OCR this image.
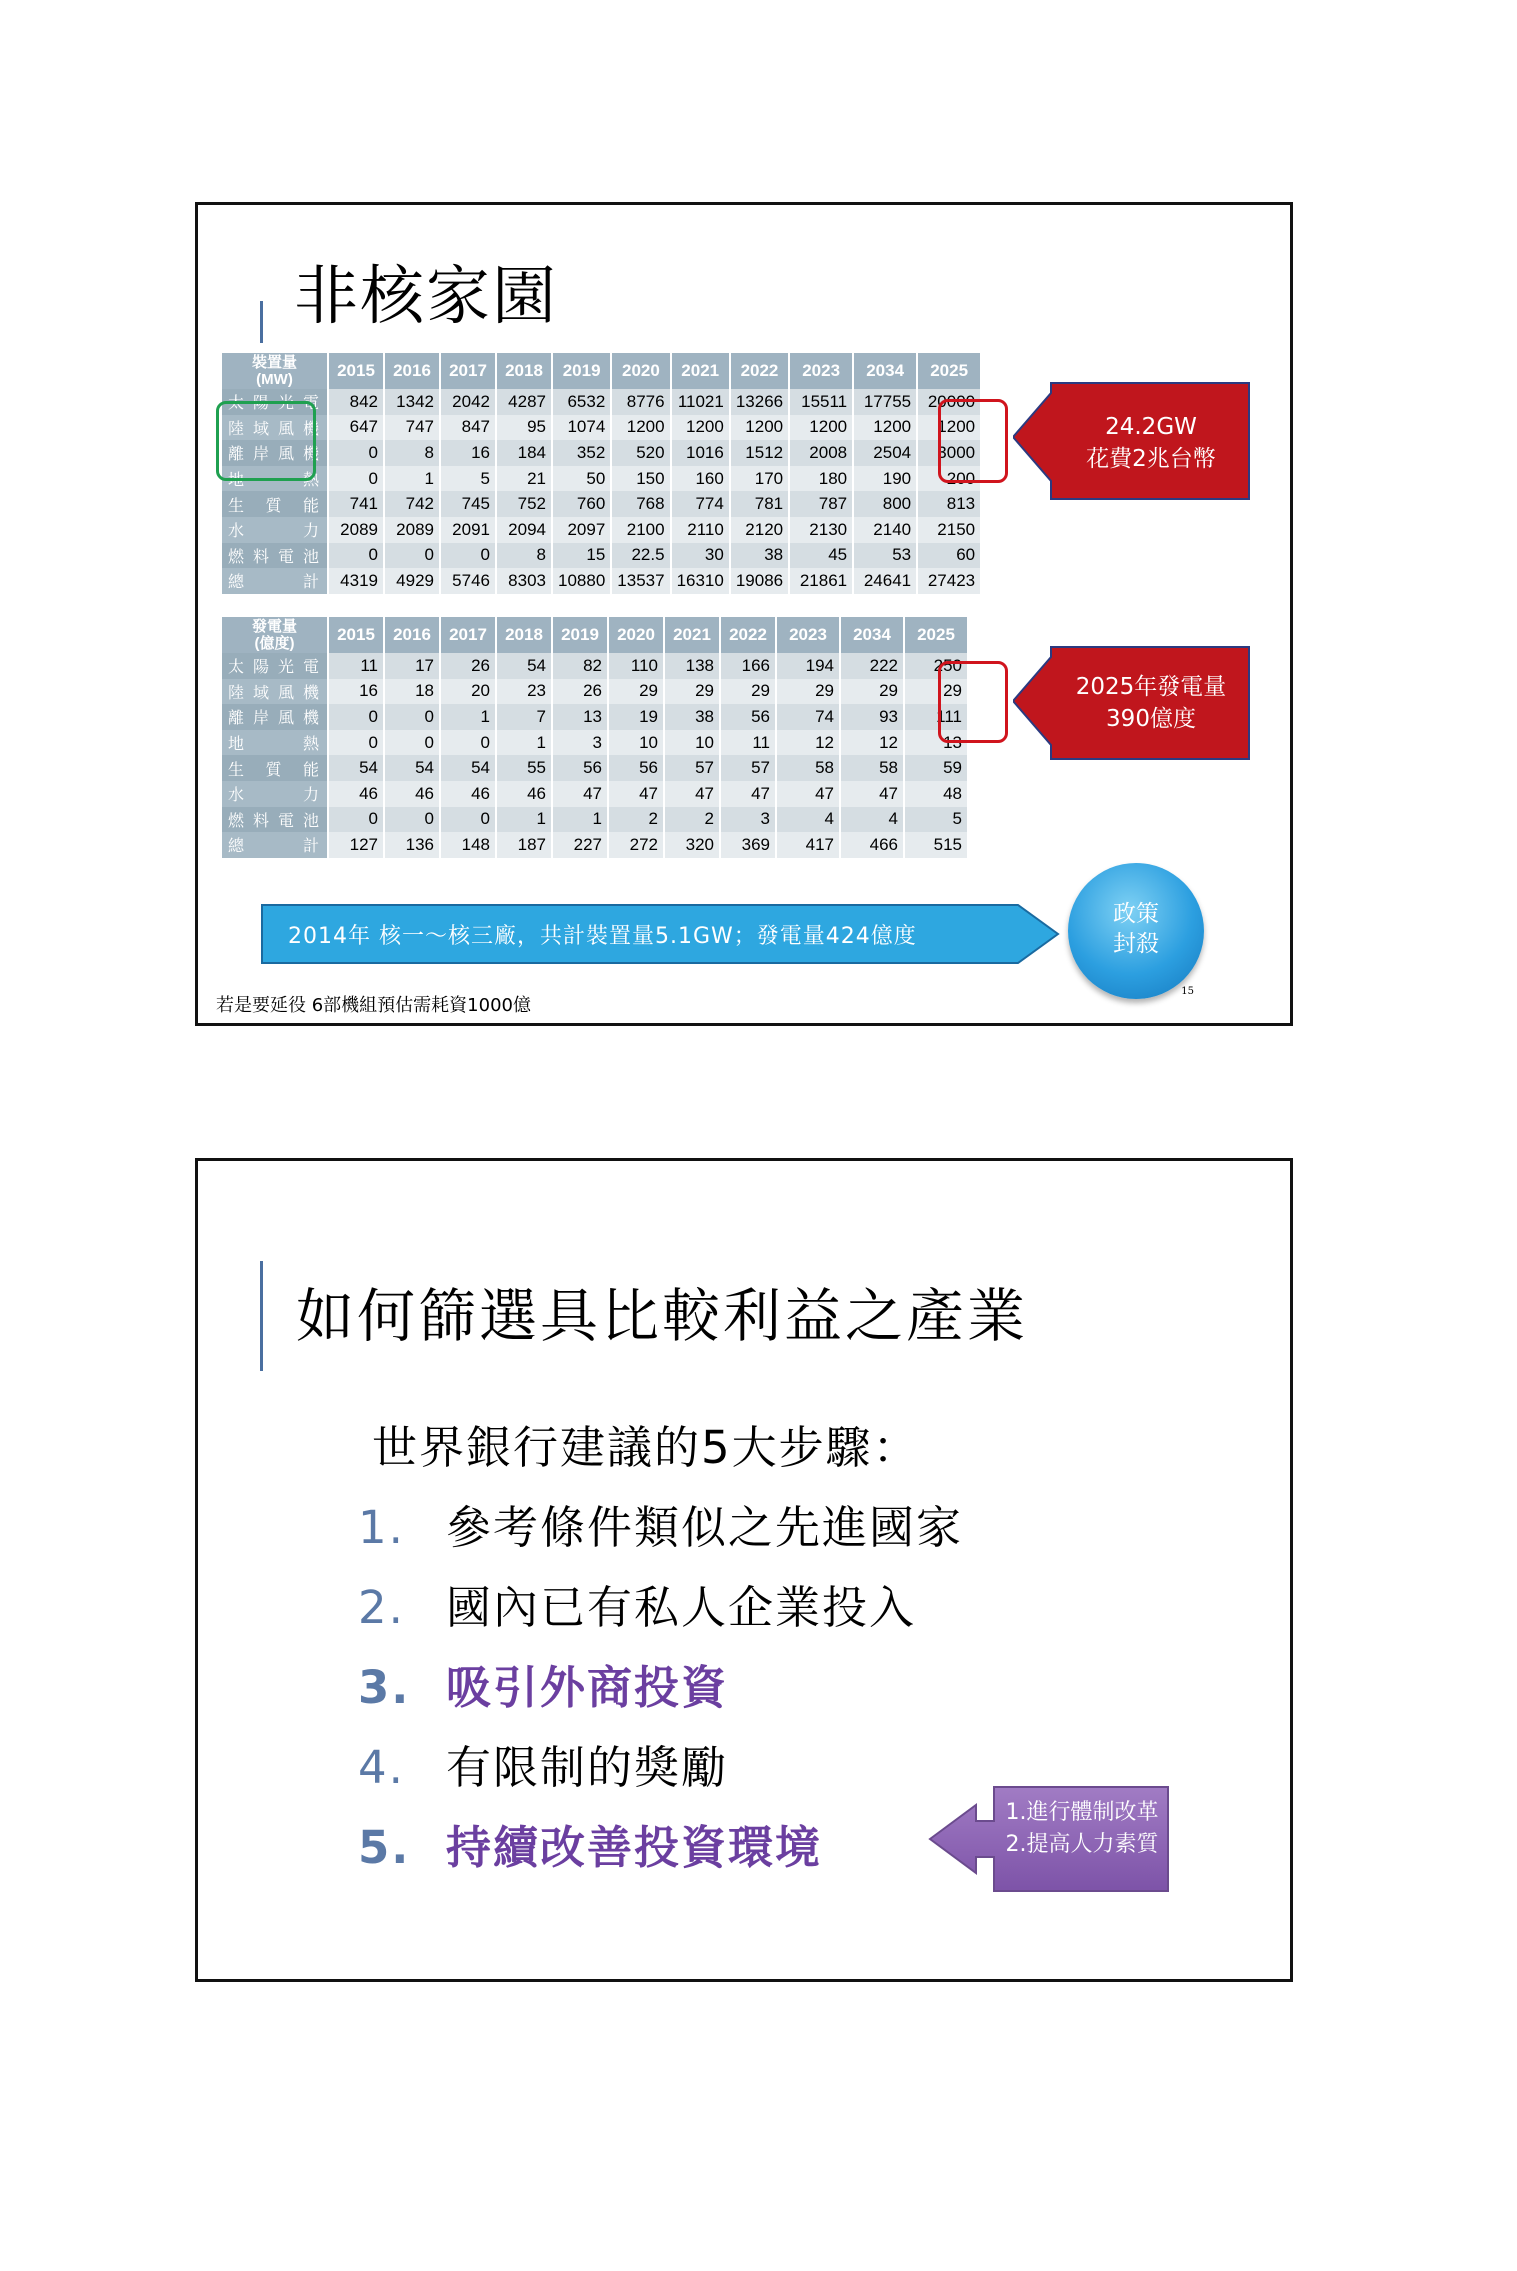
非核家園
裝置量
(MW)	2015	2016	2017	2018	2019	2020	2021	2022	2023	2034	2025
太陽光電	842	1342	2042	4287	6532	8776	11021	13266	15511	17755	20000
陸域風機	647	747	847	95	1074	1200	1200	1200	1200	1200	1200
離岸風機	0	8	16	184	352	520	1016	1512	2008	2504	3000
地熱	0	1	5	21	50	150	160	170	180	190	200
生質能	741	742	745	752	760	768	774	781	787	800	813
水力	2089	2089	2091	2094	2097	2100	2110	2120	2130	2140	2150
燃料電池	0	0	0	8	15	22.5	30	38	45	53	60
總計	4319	4929	5746	8303	10880	13537	16310	19086	21861	24641	27423
發電量
(億度)	2015	2016	2017	2018	2019	2020	2021	2022	2023	2034	2025
太陽光電	11	17	26	54	82	110	138	166	194	222	250
陸域風機	16	18	20	23	26	29	29	29	29	29	29
離岸風機	0	0	1	7	13	19	38	56	74	93	111
地熱	0	0	0	1	3	10	10	11	12	12	13
生質能	54	54	54	55	56	56	57	57	58	58	59
水力	46	46	46	46	47	47	47	47	47	47	48
燃料電池	0	0	0	1	1	2	2	3	4	4	5
總計	127	136	148	187	227	272	320	369	417	466	515
24.2GW
花費2兆台幣
2025年發電量
390億度
2014年 核一～核三廠，共計裝置量5.1GW；發電量424億度
政策
封殺
若是要延役 6部機組預估需耗資1000億
15
如何篩選具比較利益之產業
世界銀行建議的5大步驟：
1. 參考條件類似之先進國家
2. 國內已有私人企業投入
3. 吸引外商投資
4. 有限制的獎勵
5. 持續改善投資環境
1.進行體制改革
2.提高人力素質
